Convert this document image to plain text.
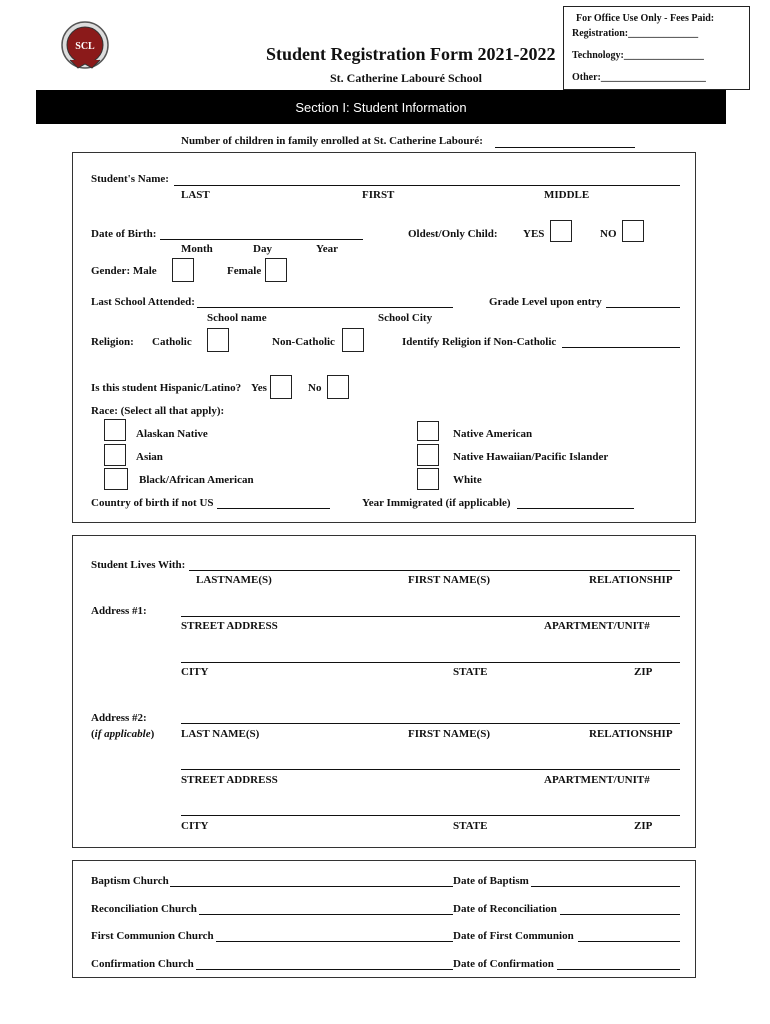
For Office Use Only - Fees Paid:
Registration:______________
Technology:________________
Other:_____________________
SCL	Student Registration Form 2021-2022
St. Catherine Labouré School
Section I: Student Information
Number of children in family enrolled at St. Catherine Labouré:
Student's Name:
LAST	FIRST	MIDDLE
Date of Birth:
Month	Day	Year
Oldest/Only Child: YES	NO
Gender: Male	Female
Last School Attended:
School name	School City
Grade Level upon entry
Religion: Catholic	Non-Catholic	Identify Religion if Non-Catholic
Is this student Hispanic/Latino? Yes	No
Race: (Select all that apply):
Alaskan Native
Asian
Black/African American
Native American
Native Hawaiian/Pacific Islander
White
Country of birth if not US	Year Immigrated (if applicable)
Student Lives With:
LASTNAME(S)	FIRST NAME(S)	RELATIONSHIP
Address #1:
STREET ADDRESS	APARTMENT/UNIT#
CITY	STATE	ZIP
Address #2:
(if applicable) LAST NAME(S)	FIRST NAME(S)	RELATIONSHIP
STREET ADDRESS	APARTMENT/UNIT#
CITY	STATE	ZIP
Baptism Church	Date of Baptism
Reconciliation Church	Date of Reconciliation
First Communion Church	Date of First Communion
Confirmation Church	Date of Confirmation
